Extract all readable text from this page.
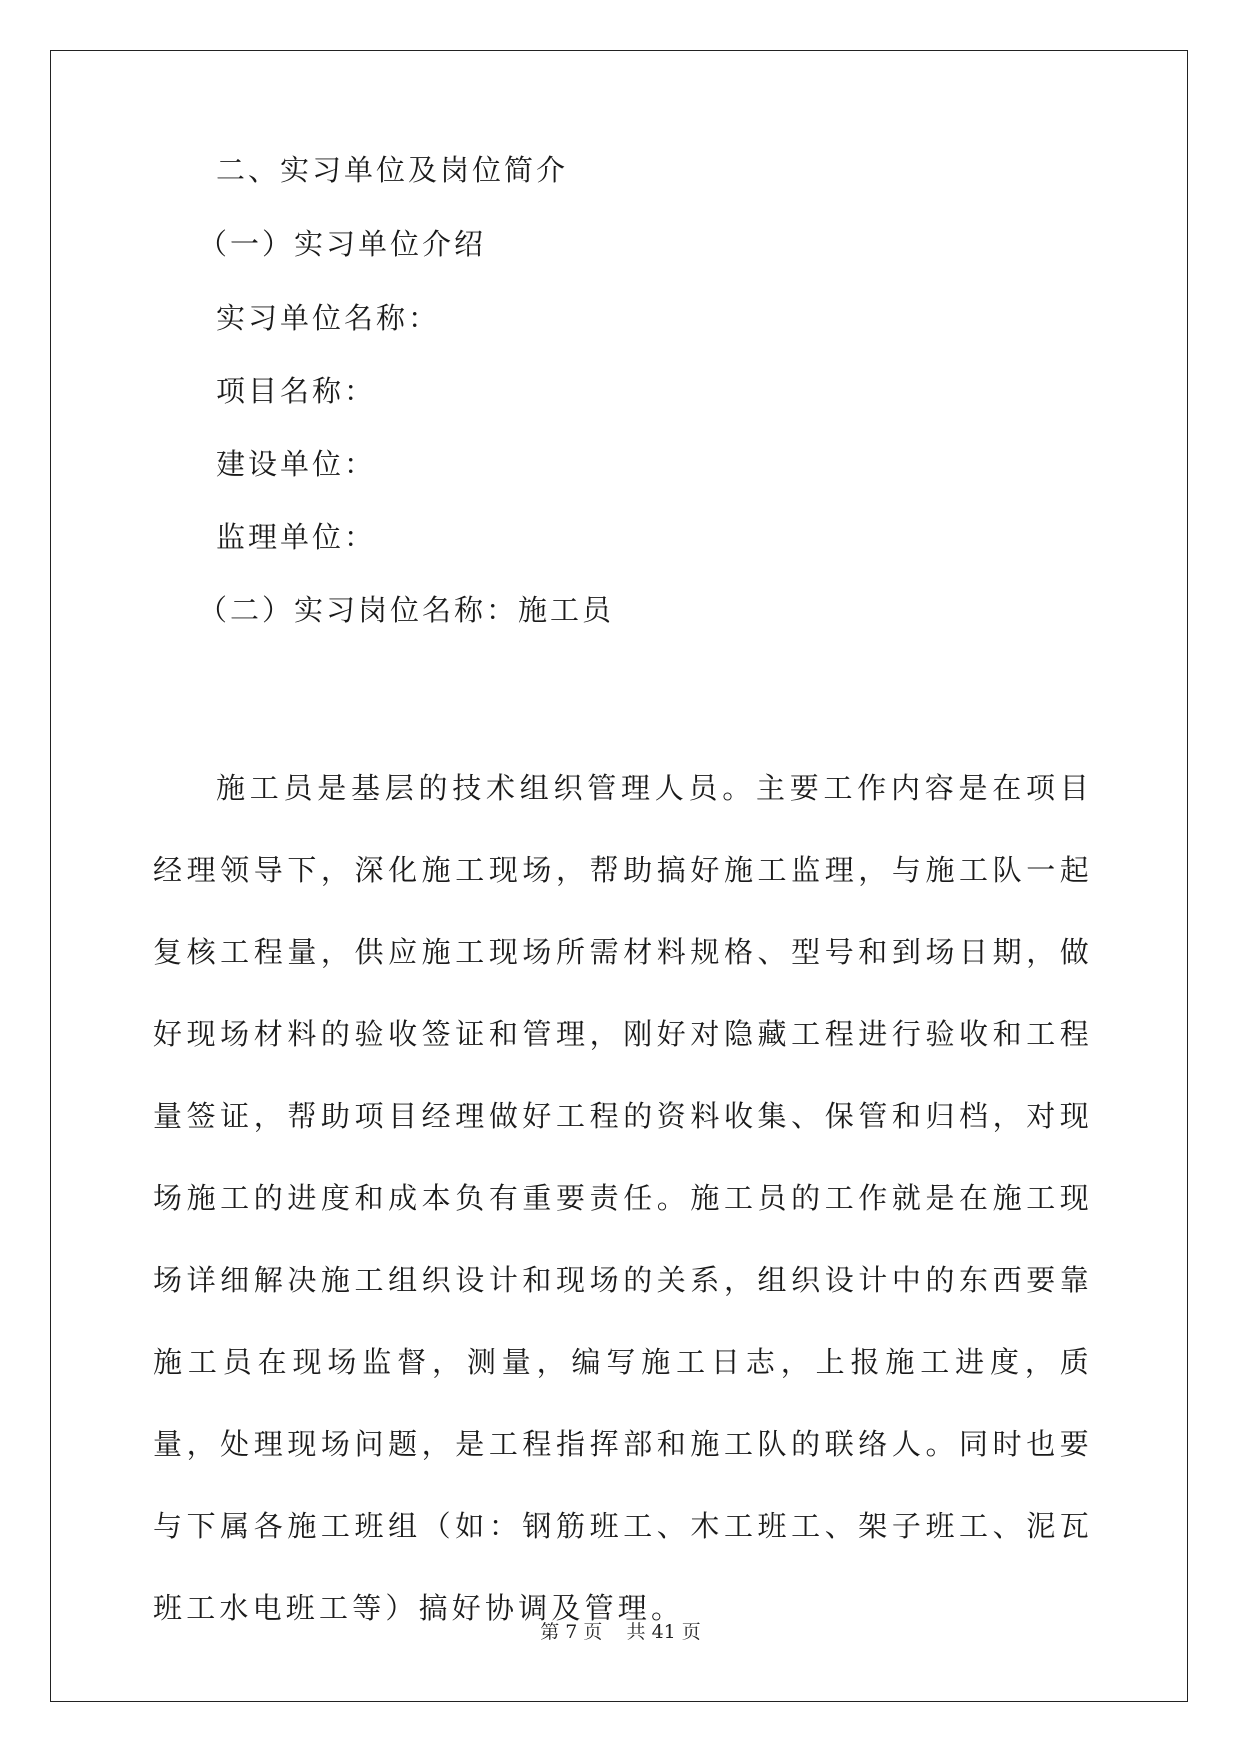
二、实习单位及岗位简介
（一）实习单位介绍
实习单位名称：
项目名称：
建设单位：
监理单位：
（二）实习岗位名称：施工员
施工员是基层的技术组织管理人员。主要工作内容是在项目经理领导下，深化施工现场，帮助搞好施工监理，与施工队一起复核工程量，供应施工现场所需材料规格、型号和到场日期，做好现场材料的验收签证和管理，刚好对隐藏工程进行验收和工程量签证，帮助项目经理做好工程的资料收集、保管和归档，对现场施工的进度和成本负有重要责任。施工员的工作就是在施工现场详细解决施工组织设计和现场的关系，组织设计中的东西要靠施工员在现场监督，测量，编写施工日志，上报施工进度，质量，处理现场问题，是工程指挥部和施工队的联络人。同时也要与下属各施工班组（如：钢筋班工、木工班工、架子班工、泥瓦班工水电班工等）搞好协调及管理。
第 7 页 共 41 页
